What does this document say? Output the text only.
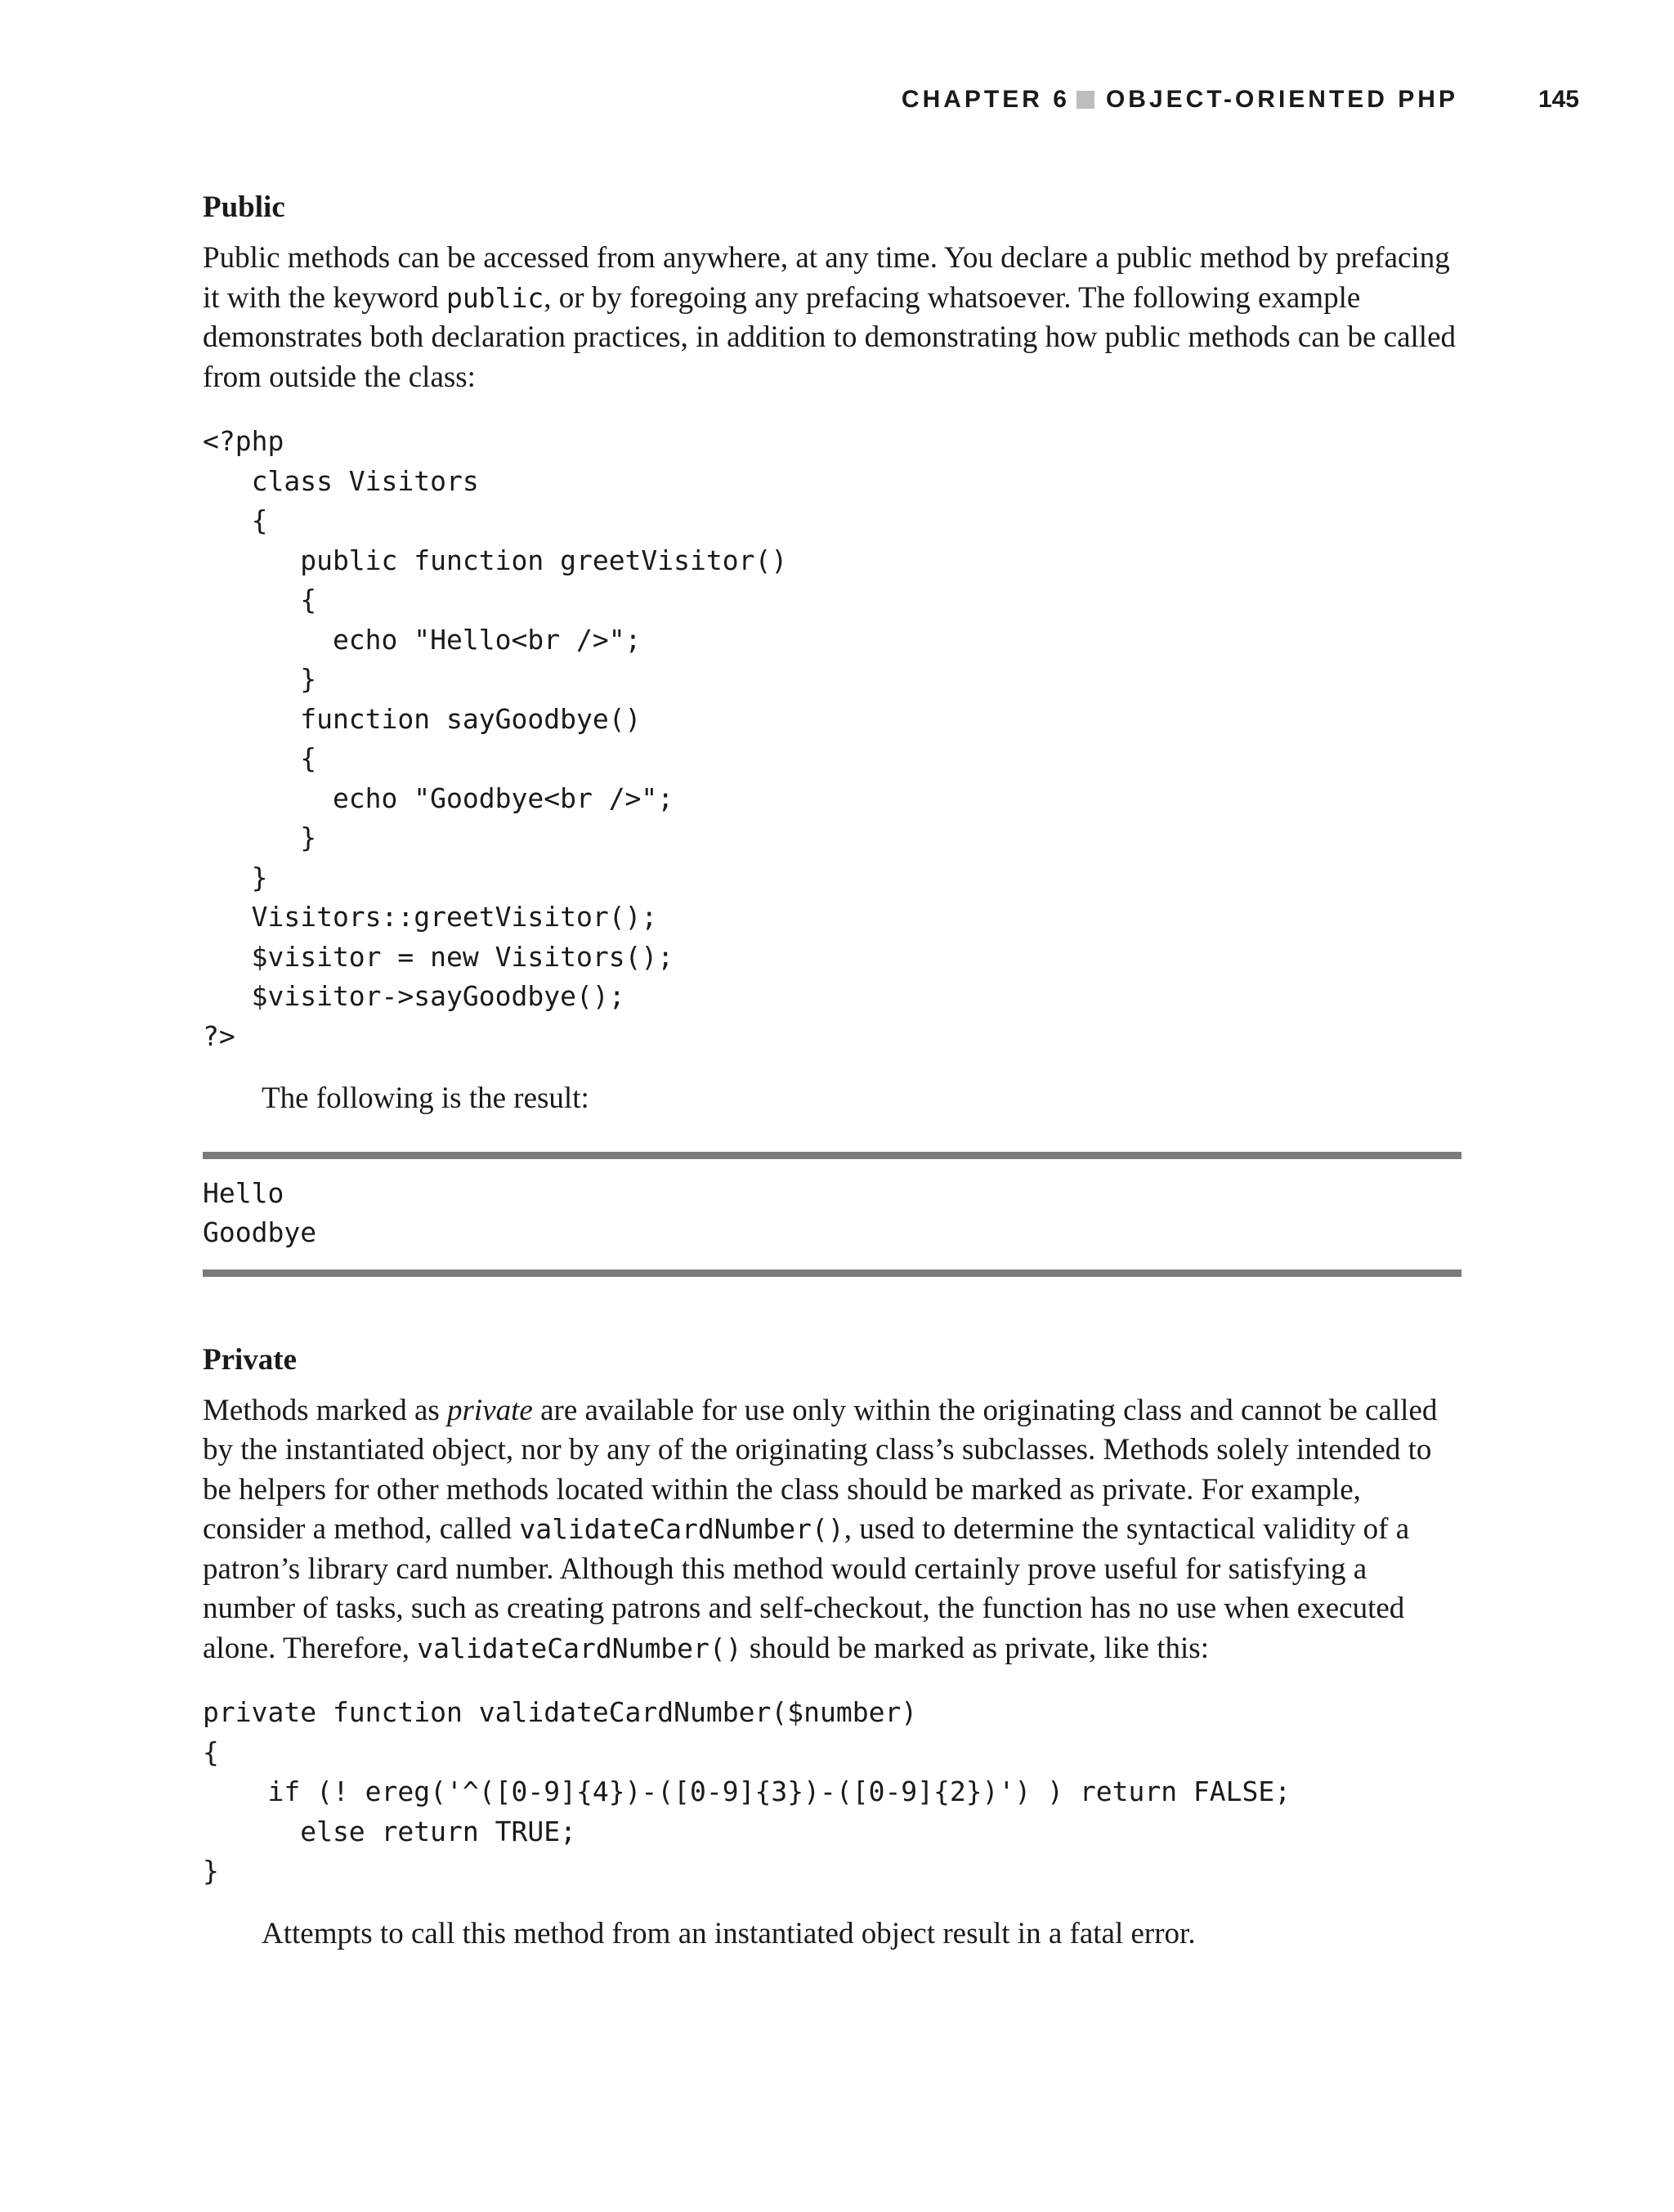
CHAPTER 6 OBJECT-ORIENTED PHP	145
Public

Public methods can be accessed from anywhere, at any time. You declare a public method by prefacing it with the keyword public, or by foregoing any prefacing whatsoever. The following example demonstrates both declaration practices, in addition to demonstrating how public methods can be called from outside the class:

<?php
class Visitors
{
public function greetVisitor()
{
echo "Hello<br />";
}
function sayGoodbye()
{
echo "Goodbye<br />";
}
}
Visitors::greetVisitor();
$visitor = new Visitors();
$visitor->sayGoodbye();
?>

The following is the result:

Hello
Goodbye
Private

Methods marked as private are available for use only within the originating class and cannot be called by the instantiated object, nor by any of the originating class’s subclasses. Methods solely intended to be helpers for other methods located within the class should be marked as private. For example, consider a method, called validateCardNumber(), used to determine the syntactical validity of a patron’s library card number. Although this method would certainly prove useful for satisfying a number of tasks, such as creating patrons and self-checkout, the function has no use when executed alone. Therefore, validateCardNumber() should be marked as private, like this:

private function validateCardNumber($number)
{
if (! ereg('^([0-9]{4})-([0-9]{3})-([0-9]{2})') ) return FALSE;
else return TRUE;
}

Attempts to call this method from an instantiated object result in a fatal error.
